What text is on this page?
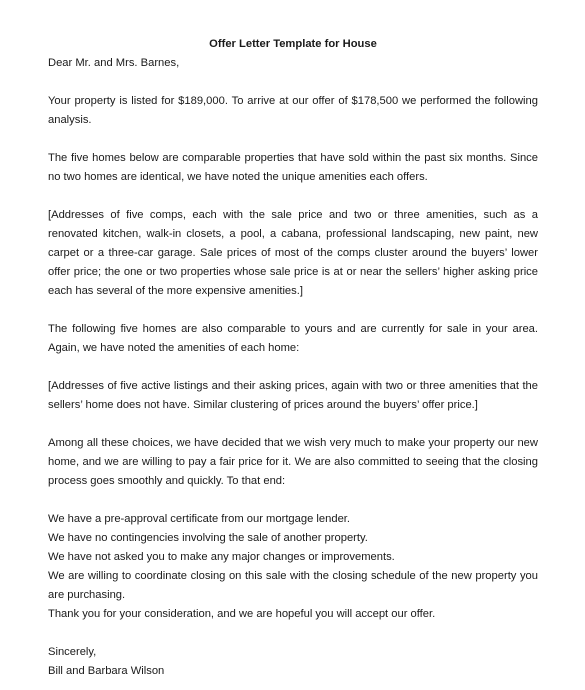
Offer Letter Template for House
Dear Mr. and Mrs. Barnes,
Your property is listed for $189,000. To arrive at our offer of $178,500 we performed the following analysis.
The five homes below are comparable properties that have sold within the past six months. Since no two homes are identical, we have noted the unique amenities each offers.
[Addresses of five comps, each with the sale price and two or three amenities, such as a renovated kitchen, walk-in closets, a pool, a cabana, professional landscaping, new paint, new carpet or a three-car garage. Sale prices of most of the comps cluster around the buyers’ lower offer price; the one or two properties whose sale price is at or near the sellers’ higher asking price each has several of the more expensive amenities.]
The following five homes are also comparable to yours and are currently for sale in your area. Again, we have noted the amenities of each home:
[Addresses of five active listings and their asking prices, again with two or three amenities that the sellers’ home does not have. Similar clustering of prices around the buyers’ offer price.]
Among all these choices, we have decided that we wish very much to make your property our new home, and we are willing to pay a fair price for it. We are also committed to seeing that the closing process goes smoothly and quickly. To that end:
We have a pre-approval certificate from our mortgage lender.
We have no contingencies involving the sale of another property.
We have not asked you to make any major changes or improvements.
We are willing to coordinate closing on this sale with the closing schedule of the new property you are purchasing.
Thank you for your consideration, and we are hopeful you will accept our offer.
Sincerely,
Bill and Barbara Wilson
